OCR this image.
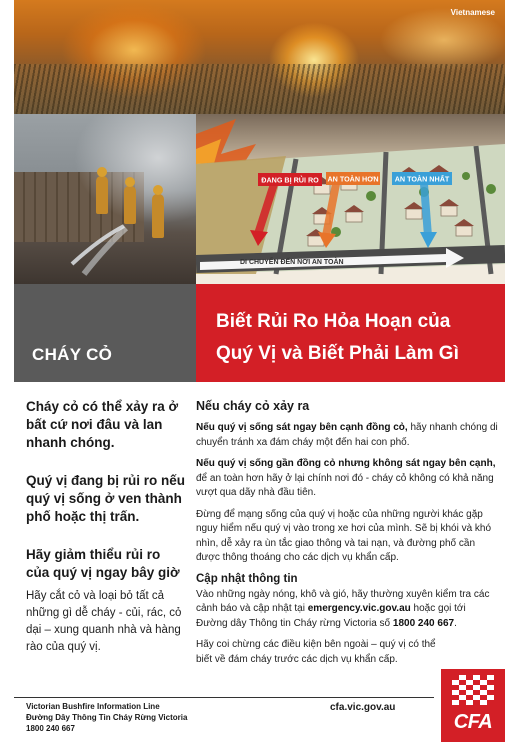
Vietnamese
ĐANG BỊ RỦI RO AN TOÀN HƠN AN TOÀN NHẤT
DI CHUYỂN ĐẾN NƠI AN TOÀN
CHÁY CỎ
Biết Rủi Ro Hỏa Hoạn của
Quý Vị và Biết Phải Làm Gì
Cháy cỏ có thể xảy ra ở bất cứ nơi đâu và lan nhanh chóng.
Quý vị đang bị rủi ro nếu quý vị sống ở ven thành phố hoặc thị trấn.
Hãy giảm thiểu rủi ro của quý vị ngay bây giờ
Hãy cắt cỏ và loại bỏ tất cả những gì dễ cháy - củi, rác, cỏ dại – xung quanh nhà và hàng rào của quý vị.
Nếu cháy cỏ xảy ra

Nếu quý vị sống sát ngay bên cạnh đồng cỏ, hãy nhanh chóng di chuyển tránh xa đám cháy một đến hai con phố.

Nếu quý vị sống gần đồng cỏ nhưng không sát ngay bên cạnh, để an toàn hơn hãy ở lại chính nơi đó - cháy cỏ không có khả năng vượt qua dãy nhà đầu tiên.

Đừng để mạng sống của quý vị hoặc của những người khác gặp nguy hiểm nếu quý vị vào trong xe hơi của mình. Sẽ bị khói và khó nhìn, dễ xảy ra ùn tắc giao thông và tai nạn, và đường phố cần được thông thoáng cho các dịch vụ khẩn cấp.

Cập nhật thông tin

Vào những ngày nóng, khô và gió, hãy thường xuyên kiểm tra các cảnh báo và cập nhật tại emergency.vic.gov.au hoặc gọi tới Đường dây Thông tin Cháy rừng Victoria số 1800 240 667.

Hãy coi chừng các điều kiện bên ngoài – quý vị có thể biết về đám cháy trước các dịch vụ khẩn cấp.

Victorian Bushfire Information Line
Đường Dây Thông Tin Cháy Rừng Victoria
1800 240 667
cfa.vic.gov.au
CFA
